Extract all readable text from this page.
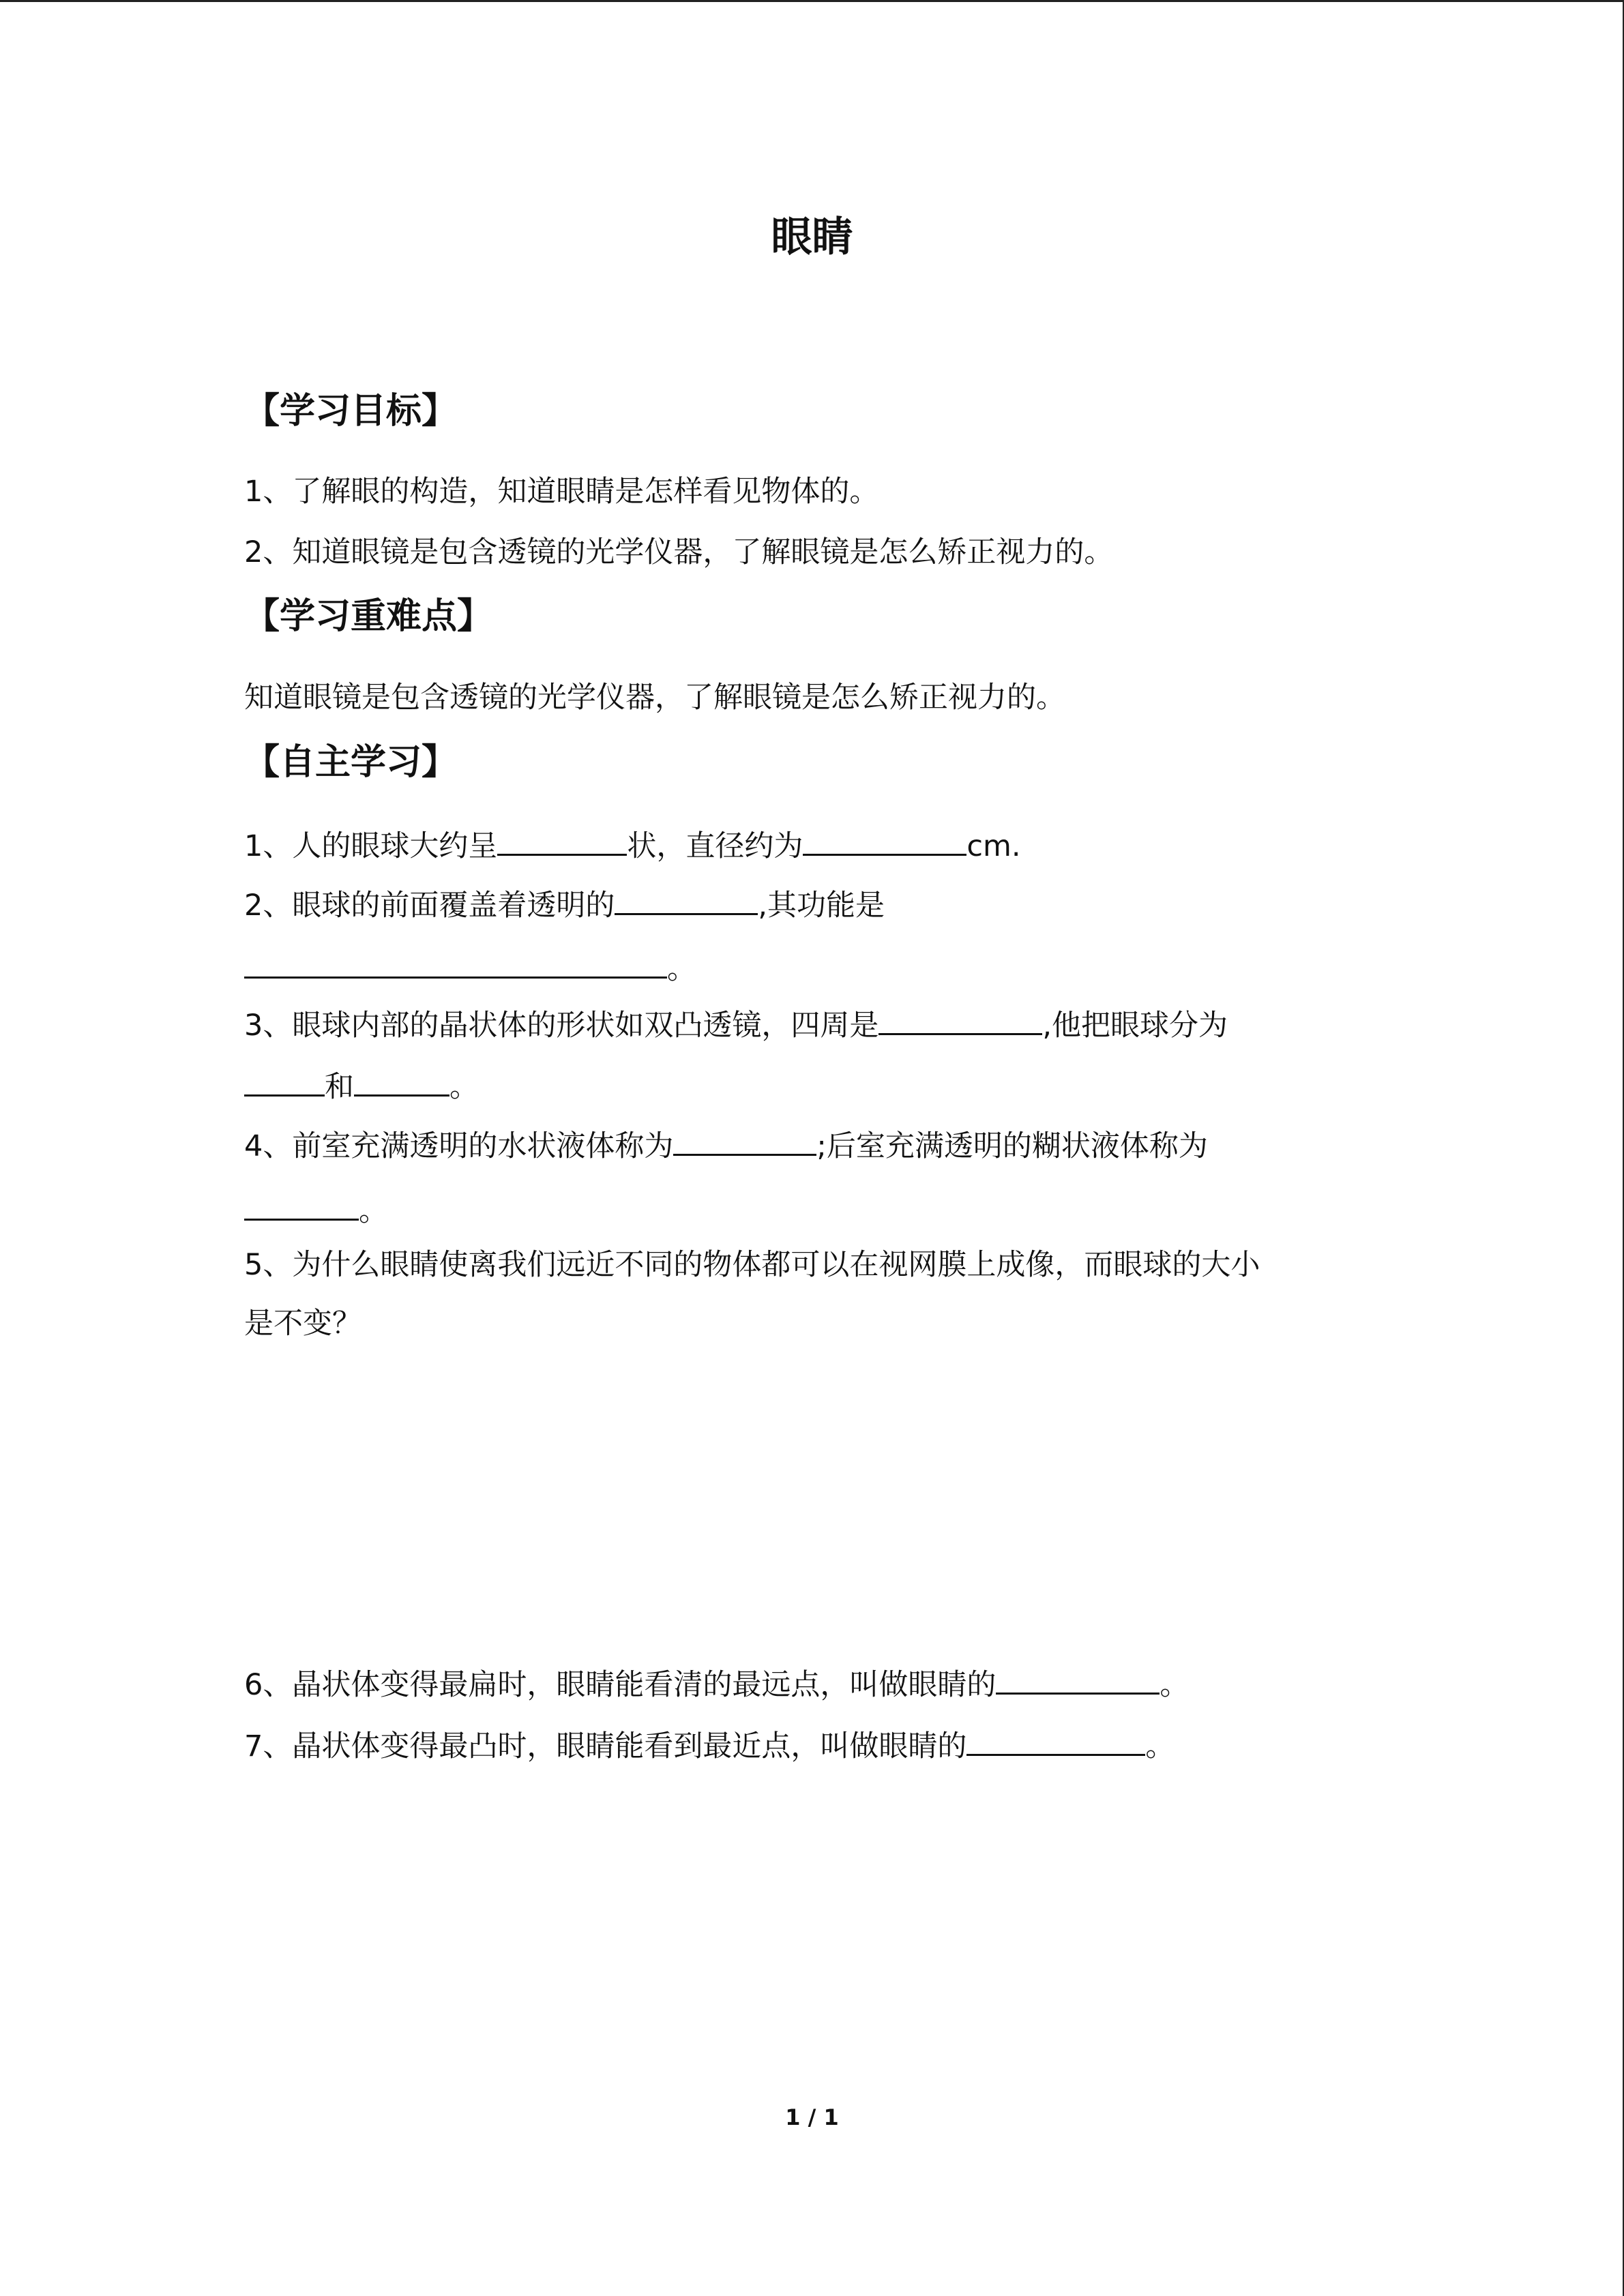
眼睛
【学习目标】
1、了解眼的构造，知道眼睛是怎样看见物体的。
2、知道眼镜是包含透镜的光学仪器，了解眼镜是怎么矫正视力的。
【学习重难点】
知道眼镜是包含透镜的光学仪器，了解眼镜是怎么矫正视力的。
【自主学习】
1、人的眼球大约呈	状，直径约为	cm.
2、眼球的前面覆盖着透明的	,其功能是
。
3、眼球内部的晶状体的形状如双凸透镜，四周是	,他把眼球分为
和	。
4、前室充满透明的水状液体称为	;后室充满透明的糊状液体称为
。
5、为什么眼睛使离我们远近不同的物体都可以在视网膜上成像，而眼球的大小
是不变？
6、晶状体变得最扁时，眼睛能看清的最远点，叫做眼睛的	。
7、晶状体变得最凸时，眼睛能看到最近点，叫做眼睛的	。
1 / 1
